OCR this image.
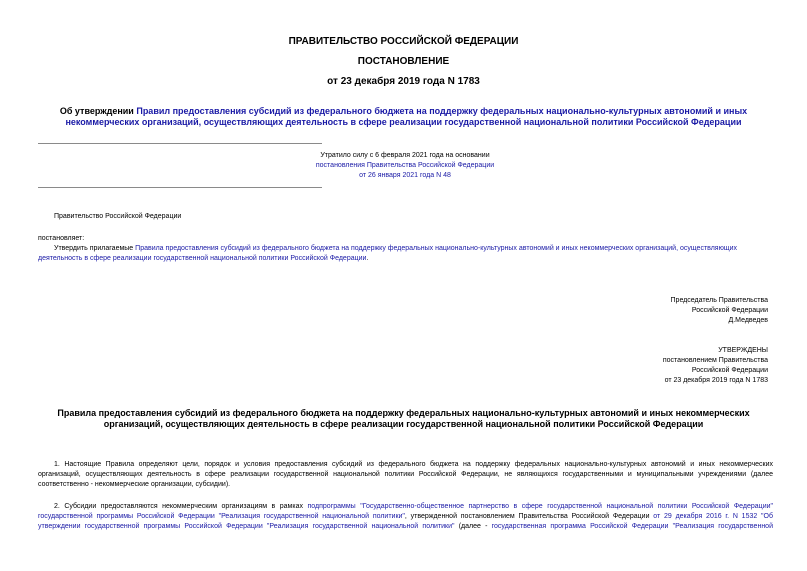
ПРАВИТЕЛЬСТВО РОССИЙСКОЙ ФЕДЕРАЦИИ
ПОСТАНОВЛЕНИЕ
от 23 декабря 2019 года N 1783
Об утверждении Правил предоставления субсидий из федерального бюджета на поддержку федеральных национально-культурных автономий и иных
некоммерческих организаций, осуществляющих деятельность в сфере реализации государственной национальной политики Российской Федерации
Утратило силу с 6 февраля 2021 года на основании
постановления Правительства Российской Федерации
от 26 января 2021 года N 48
Правительство Российской Федерации
постановляет:
Утвердить прилагаемые Правила предоставления субсидий из федерального бюджета на поддержку федеральных национально-культурных автономий и иных некоммерческих организаций, осуществляющих
деятельность в сфере реализации государственной национальной политики Российской Федерации.
Председатель Правительства
Российской Федерации
Д.Медведев
УТВЕРЖДЕНЫ
постановлением Правительства
Российской Федерации
от 23 декабря 2019 года N 1783
Правила предоставления субсидий из федерального бюджета на поддержку федеральных национально-культурных автономий и иных некоммерческих
организаций, осуществляющих деятельность в сфере реализации государственной национальной политики Российской Федерации
1. Настоящие Правила определяют цели, порядок и условия предоставления субсидий из федерального бюджета на поддержку федеральных национально-культурных автономий и иных некоммерческих
организаций, осуществляющих деятельность в сфере реализации государственной национальной политики Российской Федерации, не являющихся государственными и муниципальными учреждениями (далее
соответственно - некоммерческие организации, субсидии).
2. Субсидии предоставляются некоммерческим организациям в рамках подпрограммы "Государственно-общественное партнерство в сфере государственной национальной политики Российской Федерации"
государственной программы Российской Федерации "Реализация государственной национальной политики", утвержденной постановлением Правительства Российской Федерации от 29 декабря 2016 г. N 1532 "Об
утверждении государственной программы Российской Федерации "Реализация государственной национальной политики" (далее - государственная программа Российской Федерации "Реализация государственной
